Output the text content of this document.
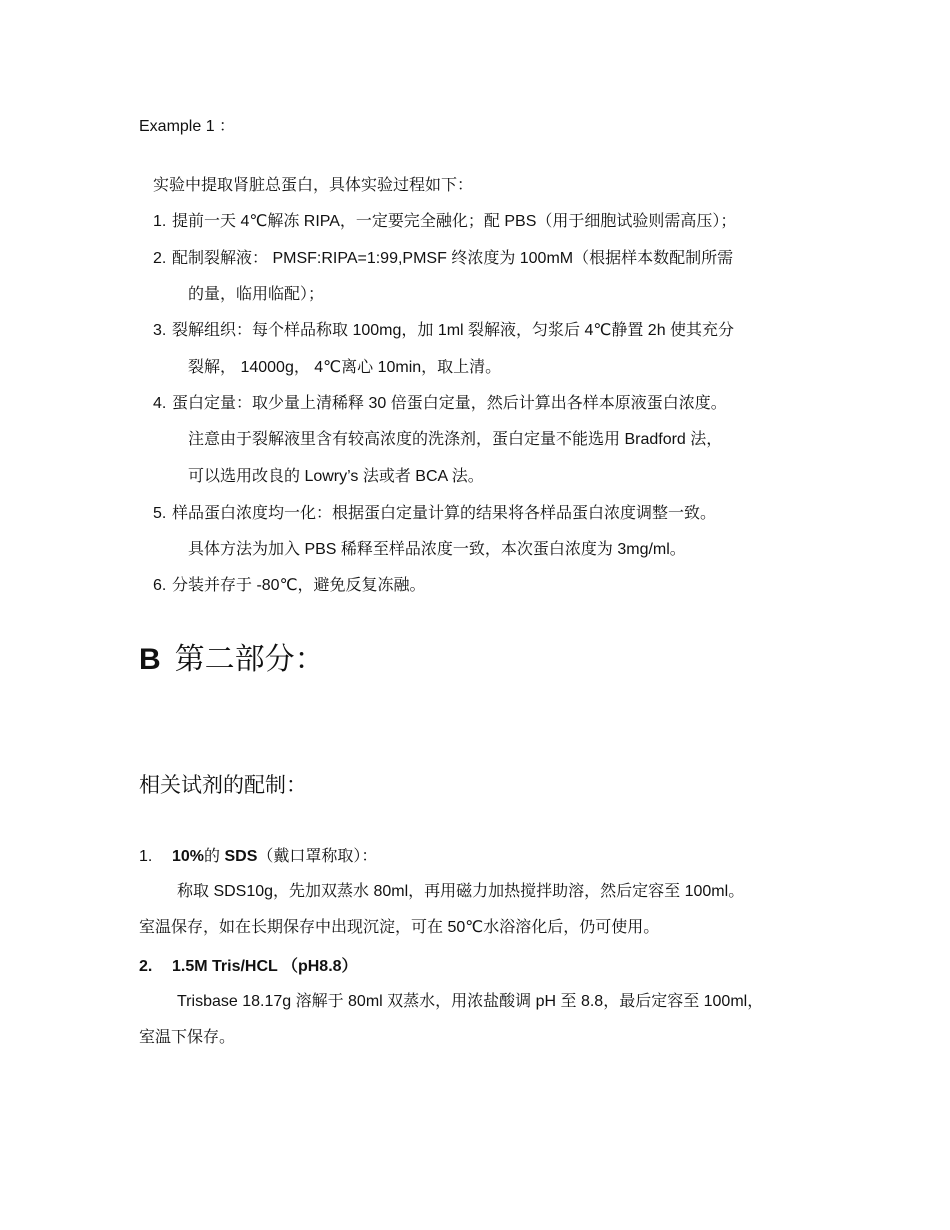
Example 1 ：
实验中提取肾脏总蛋白，具体实验过程如下：
1. 提前一天 4℃解冻 RIPA，一定要完全融化；配 PBS（用于细胞试验则需高压）；
2. 配制裂解液： PMSF:RIPA=1:99,PMSF 终浓度为 100mM（根据样本数配制所需
的量，临用临配）；
3. 裂解组织：每个样品称取 100mg，加 1ml 裂解液，匀浆后 4℃静置 2h 使其充分
裂解， 14000g， 4℃离心 10min，取上清。
4. 蛋白定量：取少量上清稀释 30 倍蛋白定量，然后计算出各样本原液蛋白浓度。
注意由于裂解液里含有较高浓度的洗涤剂，蛋白定量不能选用 Bradford 法，
可以选用改良的 Lowry’s 法或者 BCA 法。
5. 样品蛋白浓度均一化：根据蛋白定量计算的结果将各样品蛋白浓度调整一致。
具体方法为加入 PBS 稀释至样品浓度一致，本次蛋白浓度为 3mg/ml。
6. 分装并存于 -80℃，避免反复冻融。
B 第二部分：
相关试剂的配制：
1. 10%的 SDS（戴口罩称取）：
称取 SDS10g，先加双蒸水 80ml，再用磁力加热搅拌助溶，然后定容至 100ml。
室温保存，如在长期保存中出现沉淀，可在 50℃水浴溶化后，仍可使用。
2. 1.5M Tris/HCL （pH8.8）
Trisbase 18.17g 溶解于 80ml 双蒸水，用浓盐酸调 pH 至 8.8，最后定容至 100ml，
室温下保存。
